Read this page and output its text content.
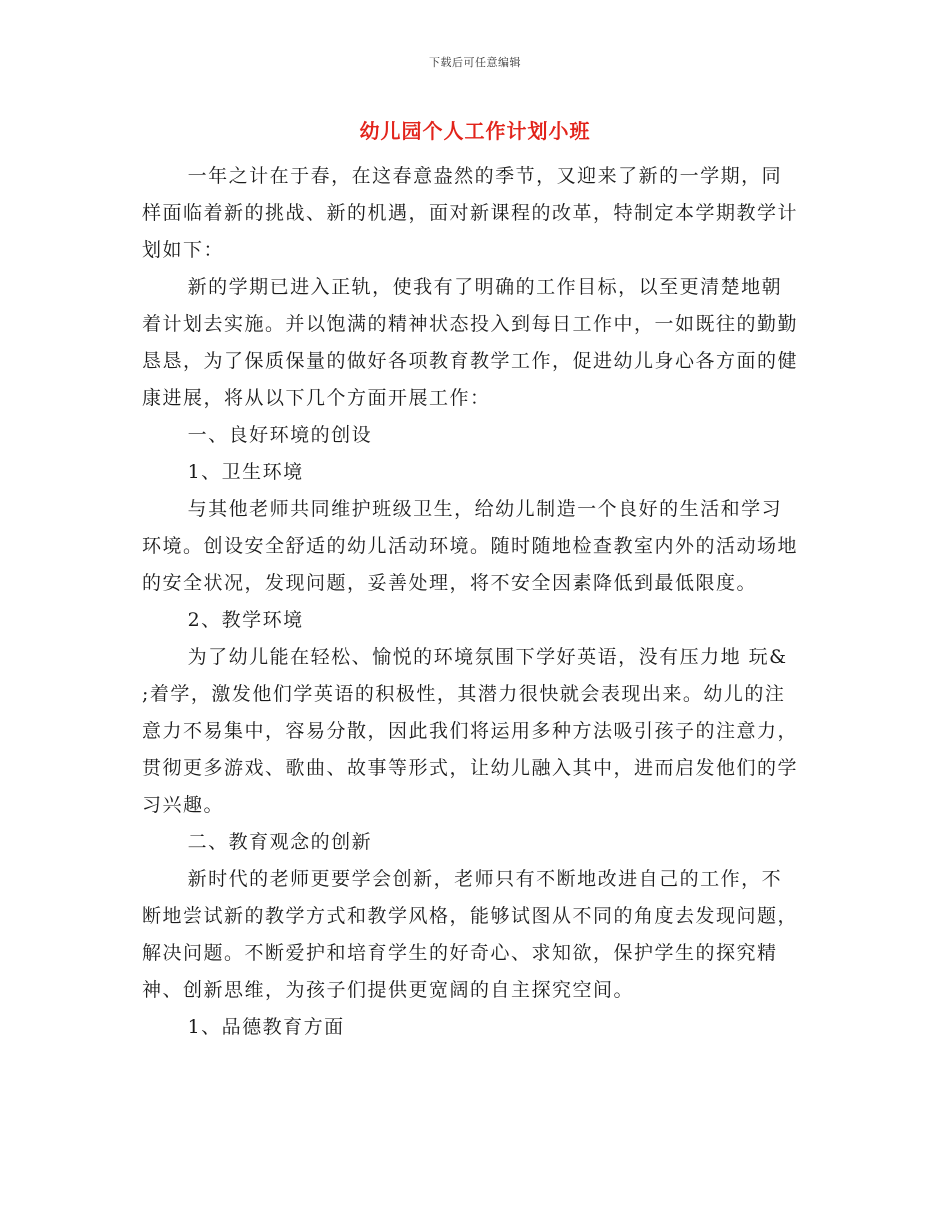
下载后可任意编辑
幼儿园个人工作计划小班

一年之计在于春，在这春意盎然的季节，又迎来了新的一学期，同样面临着新的挑战、新的机遇，面对新课程的改革，特制定本学期教学计划如下：

新的学期已进入正轨，使我有了明确的工作目标，以至更清楚地朝着计划去实施。并以饱满的精神状态投入到每日工作中，一如既往的勤勤恳恳，为了保质保量的做好各项教育教学工作，促进幼儿身心各方面的健康进展，将从以下几个方面开展工作：

一、良好环境的创设

1、卫生环境

与其他老师共同维护班级卫生，给幼儿制造一个良好的生活和学习环境。创设安全舒适的幼儿活动环境。随时随地检查教室内外的活动场地的安全状况，发现问题，妥善处理，将不安全因素降低到最低限度。

2、教学环境

为了幼儿能在轻松、愉悦的环境氛围下学好英语，没有压力地 玩& ;着学，激发他们学英语的积极性，其潜力很快就会表现出来。幼儿的注意力不易集中，容易分散，因此我们将运用多种方法吸引孩子的注意力，贯彻更多游戏、歌曲、故事等形式，让幼儿融入其中，进而启发他们的学习兴趣。

二、教育观念的创新

新时代的老师更要学会创新，老师只有不断地改进自己的工作，不断地尝试新的教学方式和教学风格，能够试图从不同的角度去发现问题，解决问题。不断爱护和培育学生的好奇心、求知欲，保护学生的探究精神、创新思维，为孩子们提供更宽阔的自主探究空间。

1、品德教育方面
